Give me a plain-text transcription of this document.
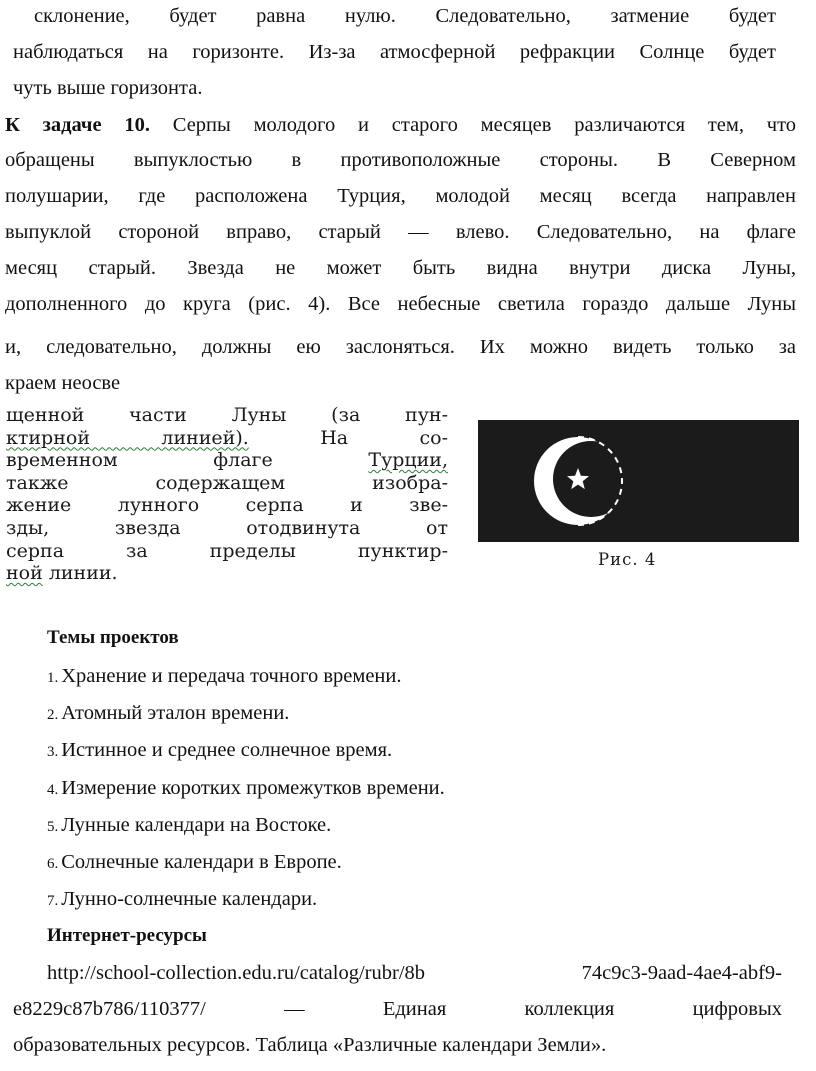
склонение, будет равна нулю. Следовательно, затмение будет
наблюдаться на горизонте. Из-за атмосферной рефракции Солнце будет
чуть выше горизонта.
К задаче 10. Серпы молодого и старого месяцев различаются тем, что
обращены выпуклостью в противоположные стороны. В Северном
полушарии, где расположена Турция, молодой месяц всегда направлен
выпуклой стороной вправо, старый — влево. Следовательно, на флаге
месяц старый. Звезда не может быть видна внутри диска Луны,
дополненного до круга (рис. 4). Все небесные светила гораздо дальше Луны
и, следовательно, должны ею заслоняться. Их можно видеть только за
краем неосве
щенной части Луны (за пун-
ктирной линией).	На со-
временном флаге	Турции,
также содержащем изобра-
жение лунного серпа и зве-
зды, звезда отодвинута от
серпа за пределы пунктир-
ной линии.
Рис. 4
Темы проектов
1. Хранение и передача точного времени.
2. Атомный эталон времени.
3. Истинное и среднее солнечное время.
4. Измерение коротких промежутков времени.
5. Лунные календари на Востоке.
6. Солнечные календари в Европе.
7. Лунно-солнечные календари.
Интернет-ресурсы
http://school-collection.edu.ru/catalog/rubr/8b 74c9c3-9aad-4ae4-abf9-
e8229c87b786/110377/ — Единая коллекция цифровых
образовательных ресурсов. Таблица «Различные календари Земли».
